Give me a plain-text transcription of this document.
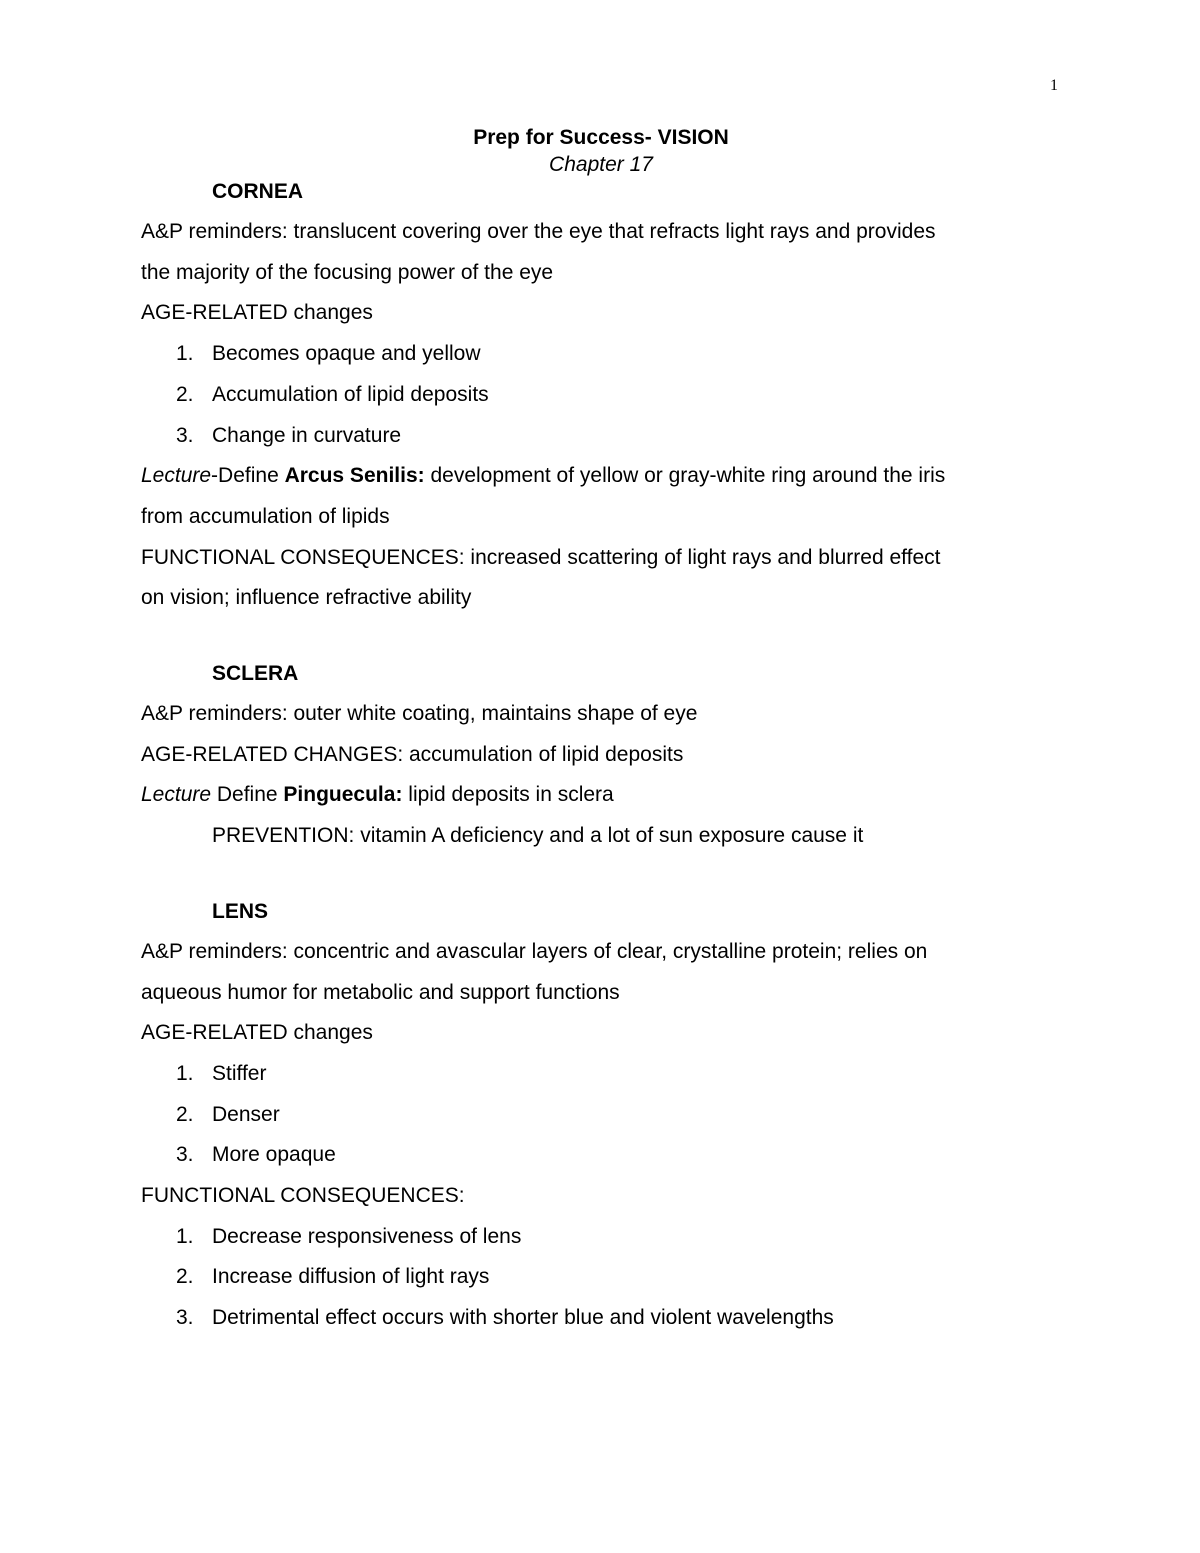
1

Prep for Success- VISION

Chapter 17

CORNEA

A&P reminders: translucent covering over the eye that refracts light rays and provides

the majority of the focusing power of the eye

AGE-RELATED changes

1. Becomes opaque and yellow
2. Accumulation of lipid deposits
3. Change in curvature

Lecture-Define Arcus Senilis: development of yellow or gray-white ring around the iris

from accumulation of lipids

FUNCTIONAL CONSEQUENCES: increased scattering of light rays and blurred effect

on vision; influence refractive ability

SCLERA

A&P reminders: outer white coating, maintains shape of eye

AGE-RELATED CHANGES: accumulation of lipid deposits

Lecture Define Pinguecula: lipid deposits in sclera

PREVENTION: vitamin A deficiency and a lot of sun exposure cause it

LENS

A&P reminders: concentric and avascular layers of clear, crystalline protein; relies on

aqueous humor for metabolic and support functions

AGE-RELATED changes

1. Stiffer
2. Denser
3. More opaque

FUNCTIONAL CONSEQUENCES:

1. Decrease responsiveness of lens
2. Increase diffusion of light rays
3. Detrimental effect occurs with shorter blue and violent wavelengths
